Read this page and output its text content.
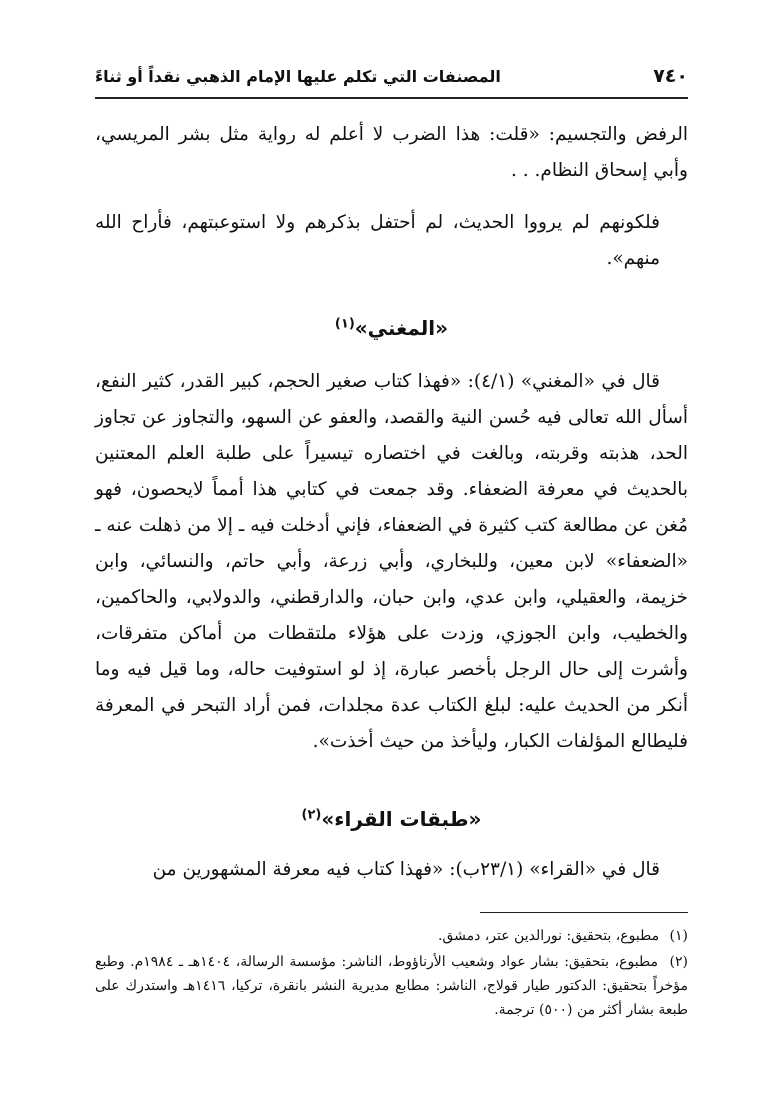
٧٤٠
المصنفات التي تكلم عليها الإمام الذهبي نقداً أو ثناءً

الرفض والتجسيم: «قلت: هذا الضرب لا أعلم له رواية مثل بشر المريسي، وأبي إسحاق النظام. . .

فلكونهم لم يرووا الحديث، لم أحتفل بذكرهم ولا استوعبتهم، فأراح الله منهم».

«المغني»$^{(١)}$

قال في «المغني» (٤/١): «فهذا كتاب صغير الحجم، كبير القدر، كثير النفع، أسأل الله تعالى فيه حُسن النية والقصد، والعفو عن السهو، والتجاوز عن تجاوز الحد، هذبته وقربته، وبالغت في اختصاره تيسيراً على طلبة العلم المعتنين بالحديث في معرفة الضعفاء. وقد جمعت في كتابي هذا أمماً لايحصون، فهو مُغن عن مطالعة كتب كثيرة في الضعفاء، فإني أدخلت فيه ـ إلا من ذهلت عنه ـ «الضعفاء» لابن معين، وللبخاري، وأبي زرعة، وأبي حاتم، والنسائي، وابن خزيمة، والعقيلي، وابن عدي، وابن حبان، والدارقطني، والدولابي، والحاكمين، والخطيب، وابن الجوزي، وزدت على هؤلاء ملتقطات من أماكن متفرقات، وأشرت إلى حال الرجل بأخصر عبارة، إذ لو استوفيت حاله، وما قيل فيه وما أنكر من الحديث عليه: لبلغ الكتاب عدة مجلدات، فمن أراد التبحر في المعرفة فليطالع المؤلفات الكبار، وليأخذ من حيث أخذت».

«طبقات القراء»$^{(٢)}$

قال في «القراء» (٢٣/١ب): «فهذا كتاب فيه معرفة المشهورين من

(١) مطبوع، بتحقيق: نورالدين عتر، دمشق.

(٢) مطبوع، بتحقيق: بشار عواد وشعيب الأرناؤوط، الناشر: مؤسسة الرسالة، ١٤٠٤هـ ـ ١٩٨٤م. وطبع مؤخراً بتحقيق: الدكتور طيار قولاج، الناشر: مطابع مديرية النشر بانقرة، تركيا، ١٤١٦هـ واستدرك على طبعة بشار أكثر من (٥٠٠) ترجمة.
